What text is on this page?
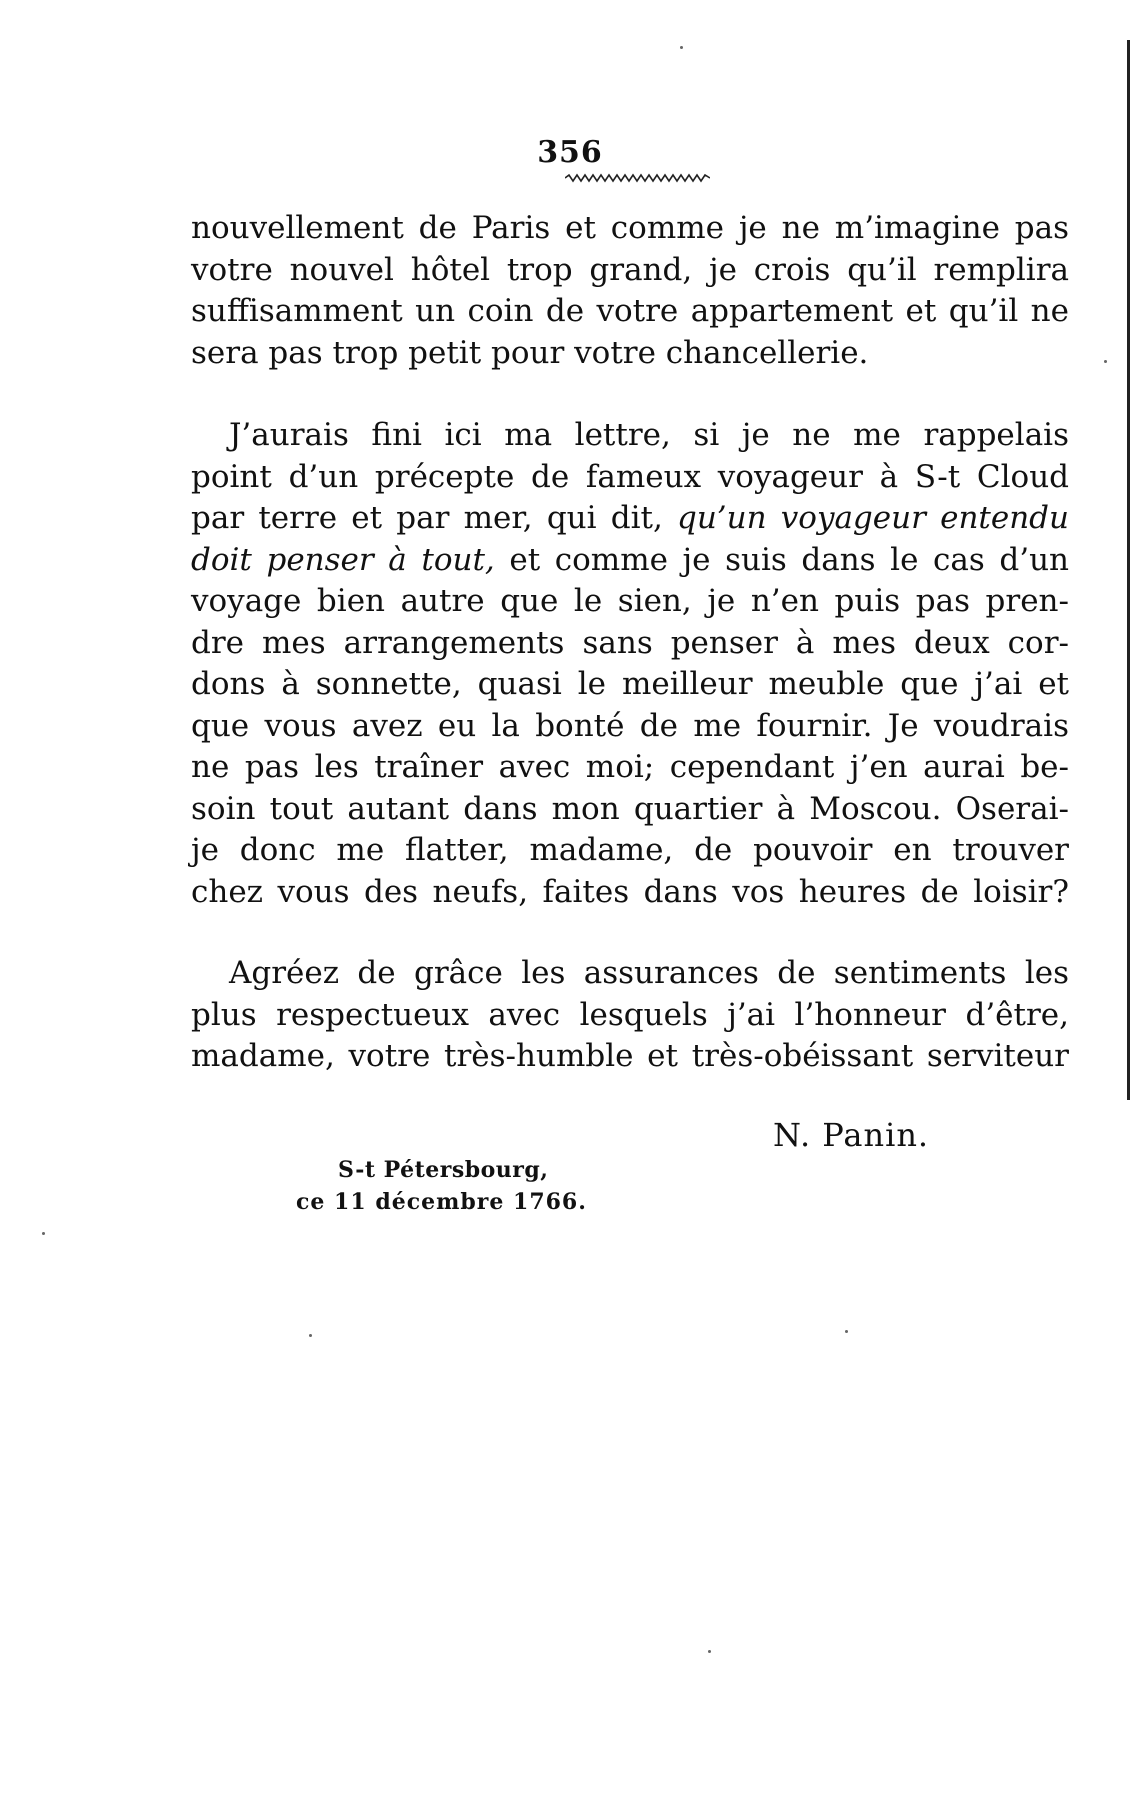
356
nouvellement de Paris et comme je ne m’imagine pas
votre nouvel hôtel trop grand, je crois qu’il remplira
suffisamment un coin de votre appartement et qu’il ne
sera pas trop petit pour votre chancellerie.
J’aurais fini ici ma lettre, si je ne me rappelais
point d’un précepte de fameux voyageur à S-t Cloud
par terre et par mer, qui dit, qu’un voyageur entendu
doit penser à tout, et comme je suis dans le cas d’un
voyage bien autre que le sien, je n’en puis pas pren-
dre mes arrangements sans penser à mes deux cor-
dons à sonnette, quasi le meilleur meuble que j’ai et
que vous avez eu la bonté de me fournir. Je voudrais
ne pas les traîner avec moi; cependant j’en aurai be-
soin tout autant dans mon quartier à Moscou. Oserai-
je donc me flatter, madame, de pouvoir en trouver
chez vous des neufs, faites dans vos heures de loisir?
Agréez de grâce les assurances de sentiments les
plus respectueux avec lesquels j’ai l’honneur d’être,
madame, votre très-humble et très-obéissant serviteur
N. Panin.
S-t Pétersbourg,
ce 11 décembre 1766.
